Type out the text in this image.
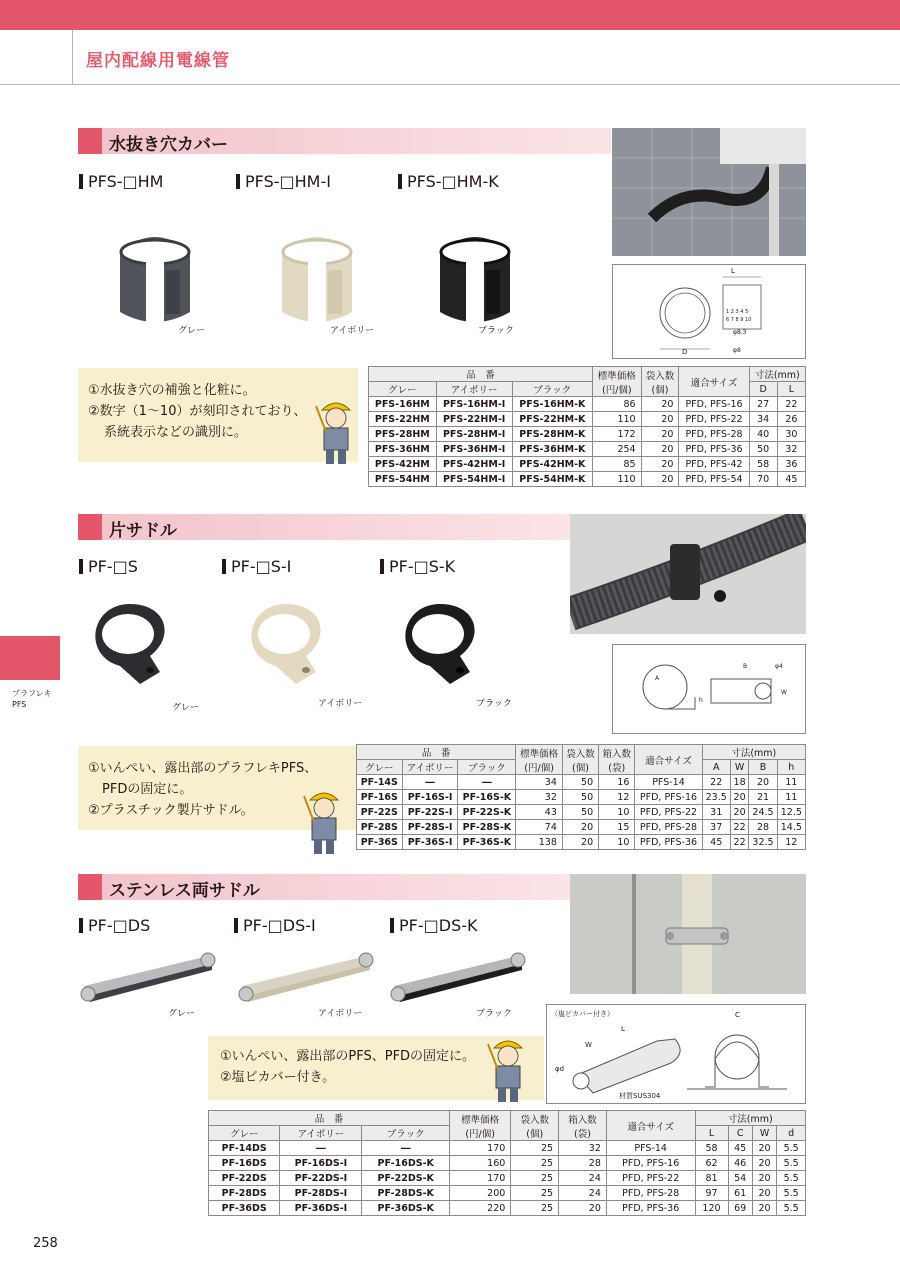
屋内配線用電線管
プラフレキ
PFS
水抜き穴カバー
PFS-□HM	PFS-□HM-I	PFS-□HM-K
グレー	アイボリー	ブラック
L
D
1 2 3 4 5
6 7 8 9 10
φ8.3
φ8
①水抜き穴の補強と化粧に。
②数字（1～10）が刻印されており、
系統表示などの識別に。
品　番			標準価格
(円/個)	袋入数
(個)	適合サイズ	寸法(mm)	
グレー	アイボリー	ブラック				D	L
PFS-16HM	PFS-16HM-I	PFS-16HM-K	86	20	PFD, PFS-16	27	22
PFS-22HM	PFS-22HM-I	PFS-22HM-K	110	20	PFD, PFS-22	34	26
PFS-28HM	PFS-28HM-I	PFS-28HM-K	172	20	PFD, PFS-28	40	30
PFS-36HM	PFS-36HM-I	PFS-36HM-K	254	20	PFD, PFS-36	50	32
PFS-42HM	PFS-42HM-I	PFS-42HM-K	85	20	PFD, PFS-42	58	36
PFS-54HM	PFS-54HM-I	PFS-54HM-K	110	20	PFD, PFS-54	70	45
片サドル
PF-□S	PF-□S-I	PF-□S-K
グレー	アイボリー	ブラック
A
B
h
W
φ4
①いんぺい、露出部のプラフレキPFS、
PFDの固定に。
②プラスチック製片サドル。
品　番			標準価格
(円/個)	袋入数
(個)	箱入数
(袋)	適合サイズ	寸法(mm)			
グレー	アイボリー	ブラック					A	W	B	h
PF-14S	―	―	34	50	16	PFS-14	22	18	20	11
PF-16S	PF-16S-I	PF-16S-K	32	50	12	PFD, PFS-16	23.5	20	21	11
PF-22S	PF-22S-I	PF-22S-K	43	50	10	PFD, PFS-22	31	20	24.5	12.5
PF-28S	PF-28S-I	PF-28S-K	74	20	15	PFD, PFS-28	37	22	28	14.5
PF-36S	PF-36S-I	PF-36S-K	138	20	10	PFD, PFS-36	45	22	32.5	12
ステンレス両サドル
PF-□DS	PF-□DS-I	PF-□DS-K
グレー	アイボリー	ブラック	（塩ビカバー付き）
L
W
φd
C
材質SUS304
①いんぺい、露出部のPFS、PFDの固定に。
②塩ビカバー付き。
品　番			標準価格
(円/個)	袋入数
(個)	箱入数
(袋)	適合サイズ	寸法(mm)			
グレー	アイボリー	ブラック					L	C	W	d
PF-14DS	―	―	170	25	32	PFS-14	58	45	20	5.5
PF-16DS	PF-16DS-I	PF-16DS-K	160	25	28	PFD, PFS-16	62	46	20	5.5
PF-22DS	PF-22DS-I	PF-22DS-K	170	25	24	PFD, PFS-22	81	54	20	5.5
PF-28DS	PF-28DS-I	PF-28DS-K	200	25	24	PFD, PFS-28	97	61	20	5.5
PF-36DS	PF-36DS-I	PF-36DS-K	220	25	20	PFD, PFS-36	120	69	20	5.5
258
